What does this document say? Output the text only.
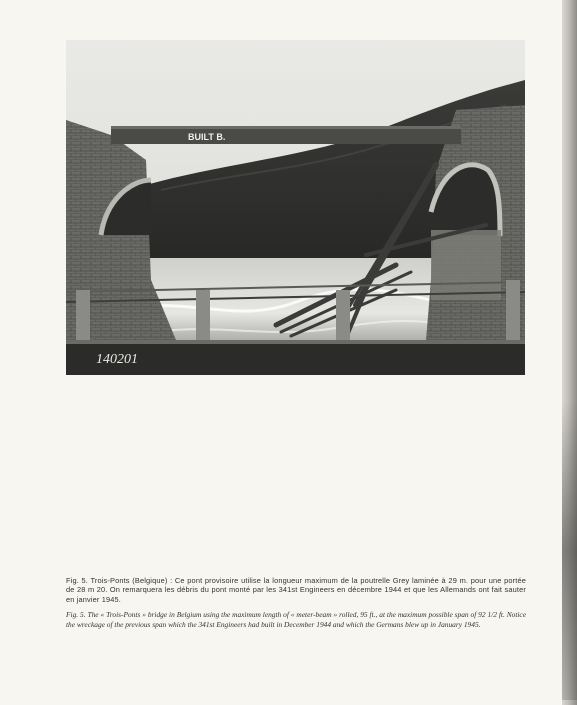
BUILT B.
140201

Fig. 5. Trois-Ponts (Belgique) : Ce pont provisoire utilise la longueur maximum de la poutrelle Grey laminée à 29 m. pour une portée de 28 m 20. On remarquera les débris du pont monté par les 341st Engineers en décembre 1944 et que les Allemands ont fait sauter en janvier 1945.

Fig. 5. The « Trois-Ponts » bridge in Belgium using the maximum length of « meter-beam » rolled, 95 ft., at the maximum possible span of 92 1/2 ft. Notice the wreckage of the previous span which the 341st Engineers had built in December 1944 and which the Germans blew up in January 1945.
